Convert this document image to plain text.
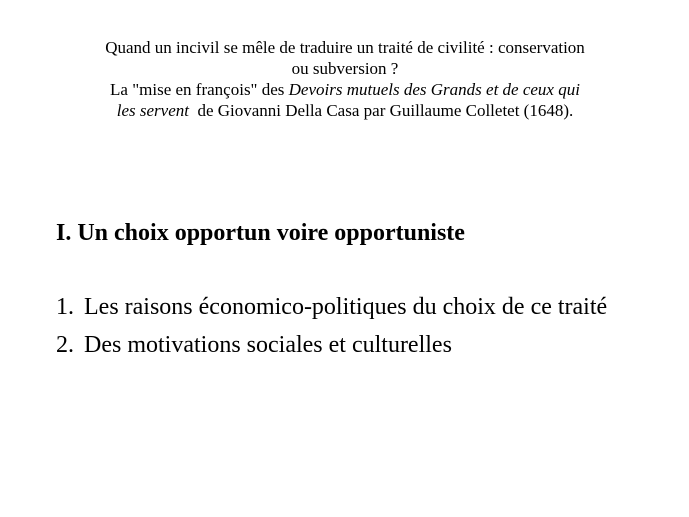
Quand un incivil se mêle de traduire un traité de civilité : conservation
ou subversion ?
La "mise en françois" des Devoirs mutuels des Grands et de ceux qui
les servent  de Giovanni Della Casa par Guillaume Colletet (1648).
I. Un choix opportun voire opportuniste
1. Les raisons économico-politiques du choix de ce traité
2. Des motivations sociales et culturelles
